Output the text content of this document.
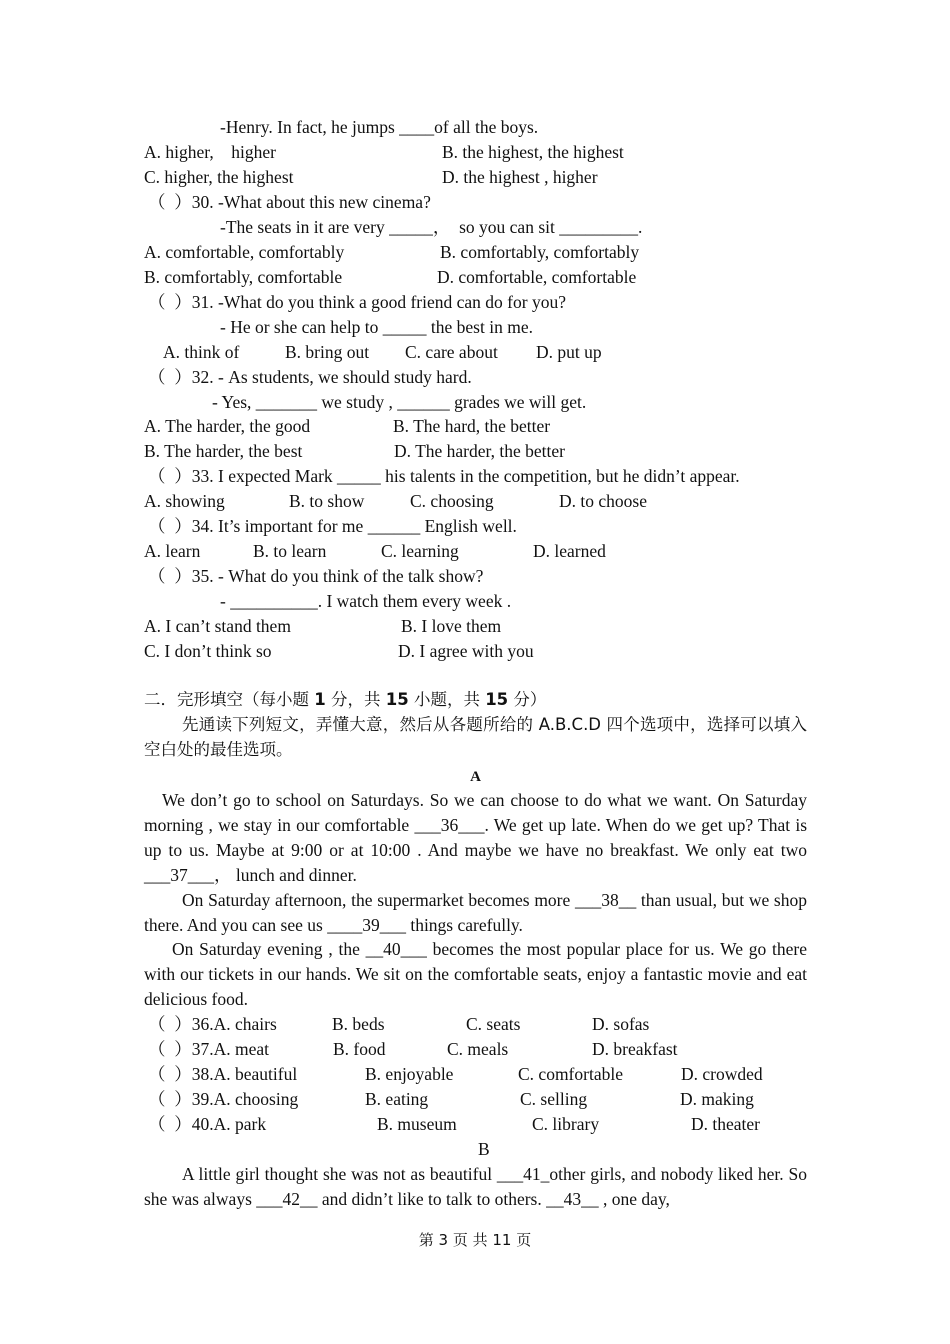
-Henry. In fact, he jumps ____of all the boys.
A. higher,    higher	B. the highest, the highest
C. higher, the highest	D. the highest , higher
（  ）30. -What about this new cinema?
-The seats in it are very _____，  so you can sit _________.
A. comfortable, comfortably	B. comfortably, comfortably
B. comfortably, comfortable	D. comfortable, comfortable
（  ）31. -What do you think a good friend can do for you?
- He or she can help to _____ the best in me.
A. think of	B. bring out C. care about D. put up
（  ）32. - As students, we should study hard.
- Yes, _______ we study , ______ grades we will get.
A. The harder, the good	B. The hard, the better
B. The harder, the best	D. The harder, the better
（  ）33. I expected Mark _____ his talents in the competition, but he didn’t appear.
A. showing	B. to show	C. choosing	D. to choose
（  ）34. It’s important for me ______ English well.
A. learn	B. to learn	C. learning	D. learned
（  ）35. - What do you think of the talk show?
- __________. I watch them every week .
A. I can’t stand them	B. I love them
C. I don’t think so	D. I agree with you
二．完形填空（每小题 1 分，共 15 小题，共 15 分）
先通读下列短文，弄懂大意，然后从各题所给的 A.B.C.D 四个选项中，选择可以填入空白处的最佳选项。
A

We don’t go to school on Saturdays. So we can choose to do what we want. On Saturday morning , we stay in our comfortable ___36___. We get up late. When do we get up? That is up to us. Maybe at 9:00 or at 10:00 . And maybe we have no breakfast. We only eat two ___37___， lunch and dinner.

On Saturday afternoon, the supermarket becomes more ___38__ than usual, but we shop there. And you can see us ____39___ things carefully.

On Saturday evening , the __40___ becomes the most popular place for us. We go there with our tickets in our hands. We sit on the comfortable seats, enjoy a fantastic movie and eat delicious food.

（  ）36.A. chairs	B. beds	C. seats	D. sofas
（  ）37.A. meat	B. food	C. meals	D. breakfast
（  ）38.A. beautiful	B. enjoyable	C. comfortable	D. crowded
（  ）39.A. choosing	B. eating	C. selling	D. making
（  ）40.A. park	B. museum	C. library	D. theater
B
A little girl thought she was not as beautiful ___41_other girls, and nobody liked her. So she was always ___42__ and didn’t like to talk to others. __43__ , one day,
第 3 页 共 11 页
